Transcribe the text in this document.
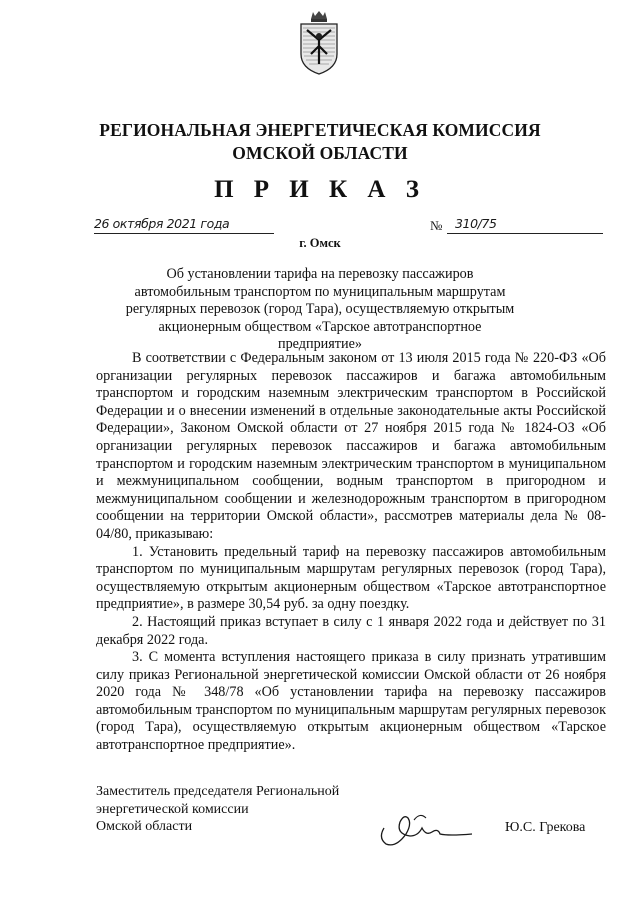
РЕГИОНАЛЬНАЯ ЭНЕРГЕТИЧЕСКАЯ КОМИССИЯ
ОМСКОЙ ОБЛАСТИ
П Р И К А З
26 октября 2021 года	№ 310/75
г. Омск
Об установлении тарифа на перевозку пассажиров автомобильным транспортом по муниципальным маршрутам регулярных перевозок (город Тара), осуществляемую открытым акционерным обществом «Тарское автотранспортное предприятие»

В соответствии с Федеральным законом от 13 июля 2015 года № 220-ФЗ «Об организации регулярных перевозок пассажиров и багажа автомобильным транспортом и городским наземным электрическим транспортом в Российской Федерации и о внесении изменений в отдельные законодательные акты Российской Федерации», Законом Омской области от 27 ноября 2015 года № 1824-ОЗ «Об организации регулярных перевозок пассажиров и багажа автомобильным транспортом и городским наземным электрическим транспортом в муниципальном и межмуниципальном сообщении, водным транспортом в пригородном и межмуниципальном сообщении и железнодорожным транспортом в пригородном сообщении на территории Омской области», рассмотрев материалы дела № 08-04/80, приказываю:

1. Установить предельный тариф на перевозку пассажиров автомобильным транспортом по муниципальным маршрутам регулярных перевозок (город Тара), осуществляемую открытым акционерным обществом «Тарское автотранспортное предприятие», в размере 30,54 руб. за одну поездку.

2. Настоящий приказ вступает в силу с 1 января 2022 года и действует по 31 декабря 2022 года.

3. С момента вступления настоящего приказа в силу признать утратившим силу приказ Региональной энергетической комиссии Омской области от 26 ноября 2020 года № 348/78 «Об установлении тарифа на перевозку пассажиров автомобильным транспортом по муниципальным маршрутам регулярных перевозок (город Тара), осуществляемую открытым акционерным обществом «Тарское автотранспортное предприятие».

Заместитель председателя Региональной
энергетической комиссии
Омской области	Ю.С. Грекова
